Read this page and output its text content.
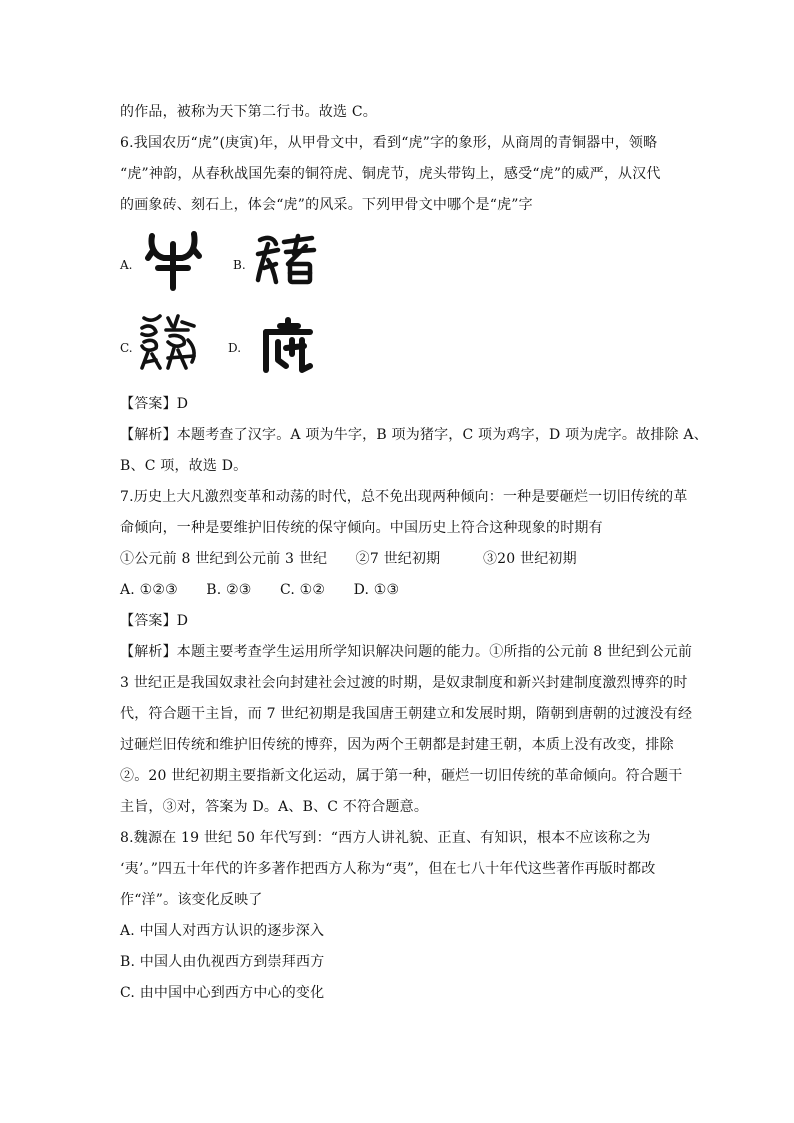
的作品，被称为天下第二行书。故选 C。
6.我国农历“虎”(庚寅)年，从甲骨文中，看到“虎”字的象形，从商周的青铜器中，领略
“虎”神韵，从春秋战国先秦的铜符虎、铜虎节，虎头带钩上，感受“虎”的威严，从汉代
的画象砖、刻石上，体会“虎”的风采。下列甲骨文中哪个是“虎”字
A.	B.
C.	D.
【答案】D
【解析】本题考查了汉字。A 项为牛字，B 项为猪字，C 项为鸡字，D 项为虎字。故排除 A、
B、C 项，故选 D。
7.历史上大凡激烈变革和动荡的时代，总不免出现两种倾向：一种是要砸烂一切旧传统的革
命倾向，一种是要维护旧传统的保守倾向。中国历史上符合这种现象的时期有
①公元前 8 世纪到公元前 3 世纪　　②7 世纪初期　　　③20 世纪初期
A. ①②③　　B. ②③　　C. ①②　　D. ①③
【答案】D
【解析】本题主要考查学生运用所学知识解决问题的能力。①所指的公元前 8 世纪到公元前
3 世纪正是我国奴隶社会向封建社会过渡的时期，是奴隶制度和新兴封建制度激烈博弈的时
代，符合题干主旨，而 7 世纪初期是我国唐王朝建立和发展时期，隋朝到唐朝的过渡没有经
过砸烂旧传统和维护旧传统的博弈，因为两个王朝都是封建王朝，本质上没有改变，排除
②。20 世纪初期主要指新文化运动，属于第一种，砸烂一切旧传统的革命倾向。符合题干
主旨，③对，答案为 D。A、B、C 不符合题意。
8.魏源在 19 世纪 50 年代写到：“西方人讲礼貌、正直、有知识，根本不应该称之为
‘夷’。”四五十年代的许多著作把西方人称为“夷”，但在七八十年代这些著作再版时都改
作“洋”。该变化反映了
A. 中国人对西方认识的逐步深入
B. 中国人由仇视西方到崇拜西方
C. 由中国中心到西方中心的变化
